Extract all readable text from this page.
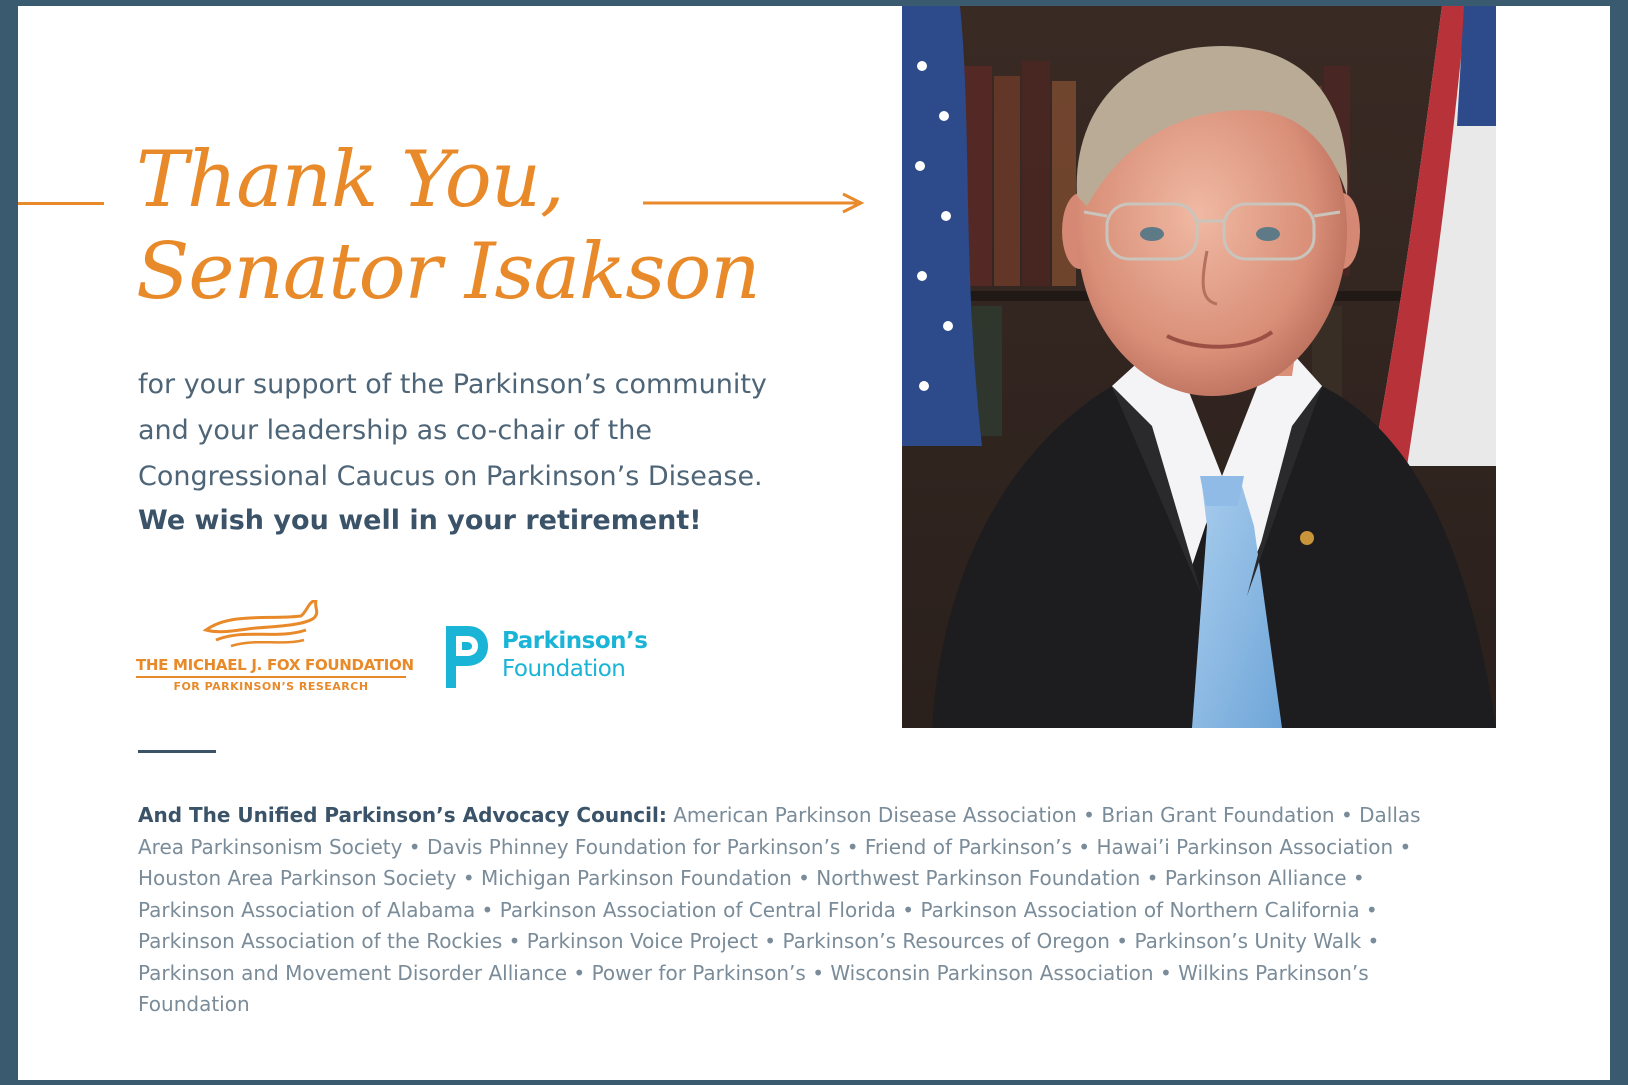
Thank You,
Senator Isakson

for your support of the Parkinson’s community
and your leadership as co-chair of the
Congressional Caucus on Parkinson’s Disease.

We wish you well in your retirement!

THE MICHAEL J. FOX FOUNDATION
FOR PARKINSON’S RESEARCH
Parkinson’s
Foundation

And The Unified Parkinson’s Advocacy Council: American Parkinson Disease Association • Brian Grant Foundation • Dallas Area Parkinsonism Society • Davis Phinney Foundation for Parkinson’s • Friend of Parkinson’s • Hawai’i Parkinson Association • Houston Area Parkinson Society • Michigan Parkinson Foundation • Northwest Parkinson Foundation • Parkinson Alliance • Parkinson Association of Alabama • Parkinson Association of Central Florida • Parkinson Association of Northern California • Parkinson Association of the Rockies • Parkinson Voice Project • Parkinson’s Resources of Oregon • Parkinson’s Unity Walk • Parkinson and Movement Disorder Alliance • Power for Parkinson’s • Wisconsin Parkinson Association • Wilkins Parkinson’s Foundation
